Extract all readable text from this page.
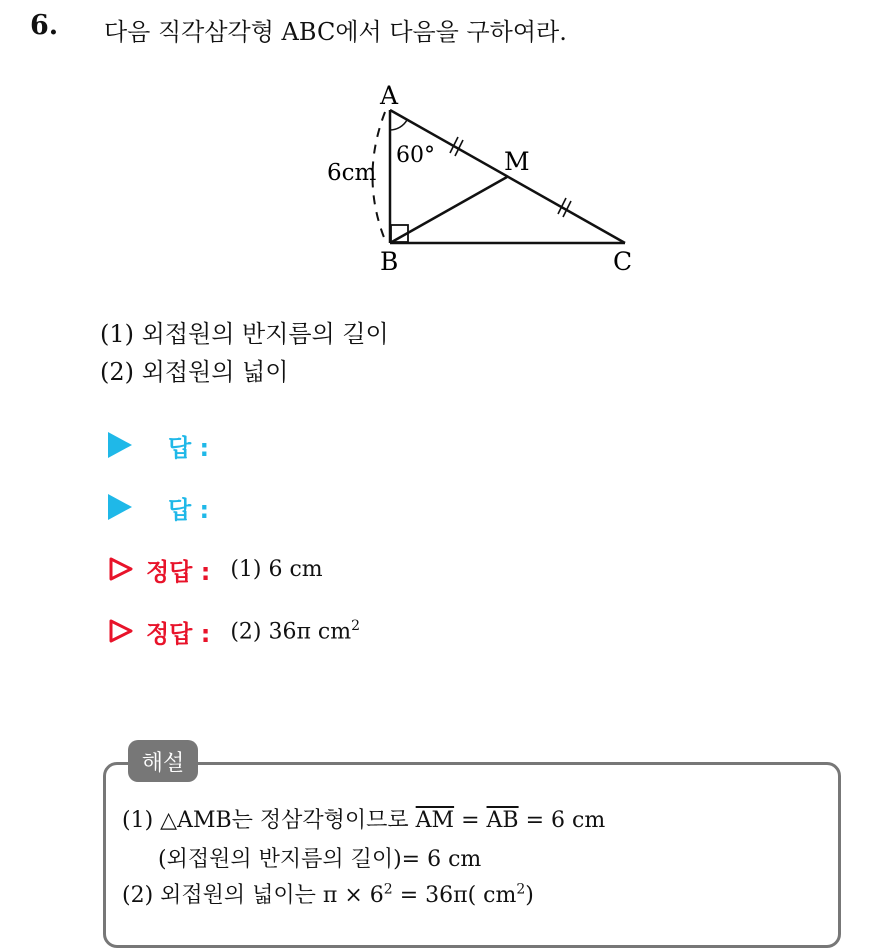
6. 다음 직각삼각형 ABC에서 다음을 구하여라.
A
B	C
M
6cm
60°
(1) 외접원의 반지름의 길이
(2) 외접원의 넓이
답 :
답 :
정답 : (1) 6 cm
정답 : (2) 36π $cm^2$
해설
(1) △AMB는 정삼각형이므로 $\overline{AM} = \overline{AB} = 6$ cm
(외접원의 반지름의 길이)= 6 cm
(2) 외접원의 넓이는 $\pi \times 6^2 = 36\pi$( $cm^2$)
